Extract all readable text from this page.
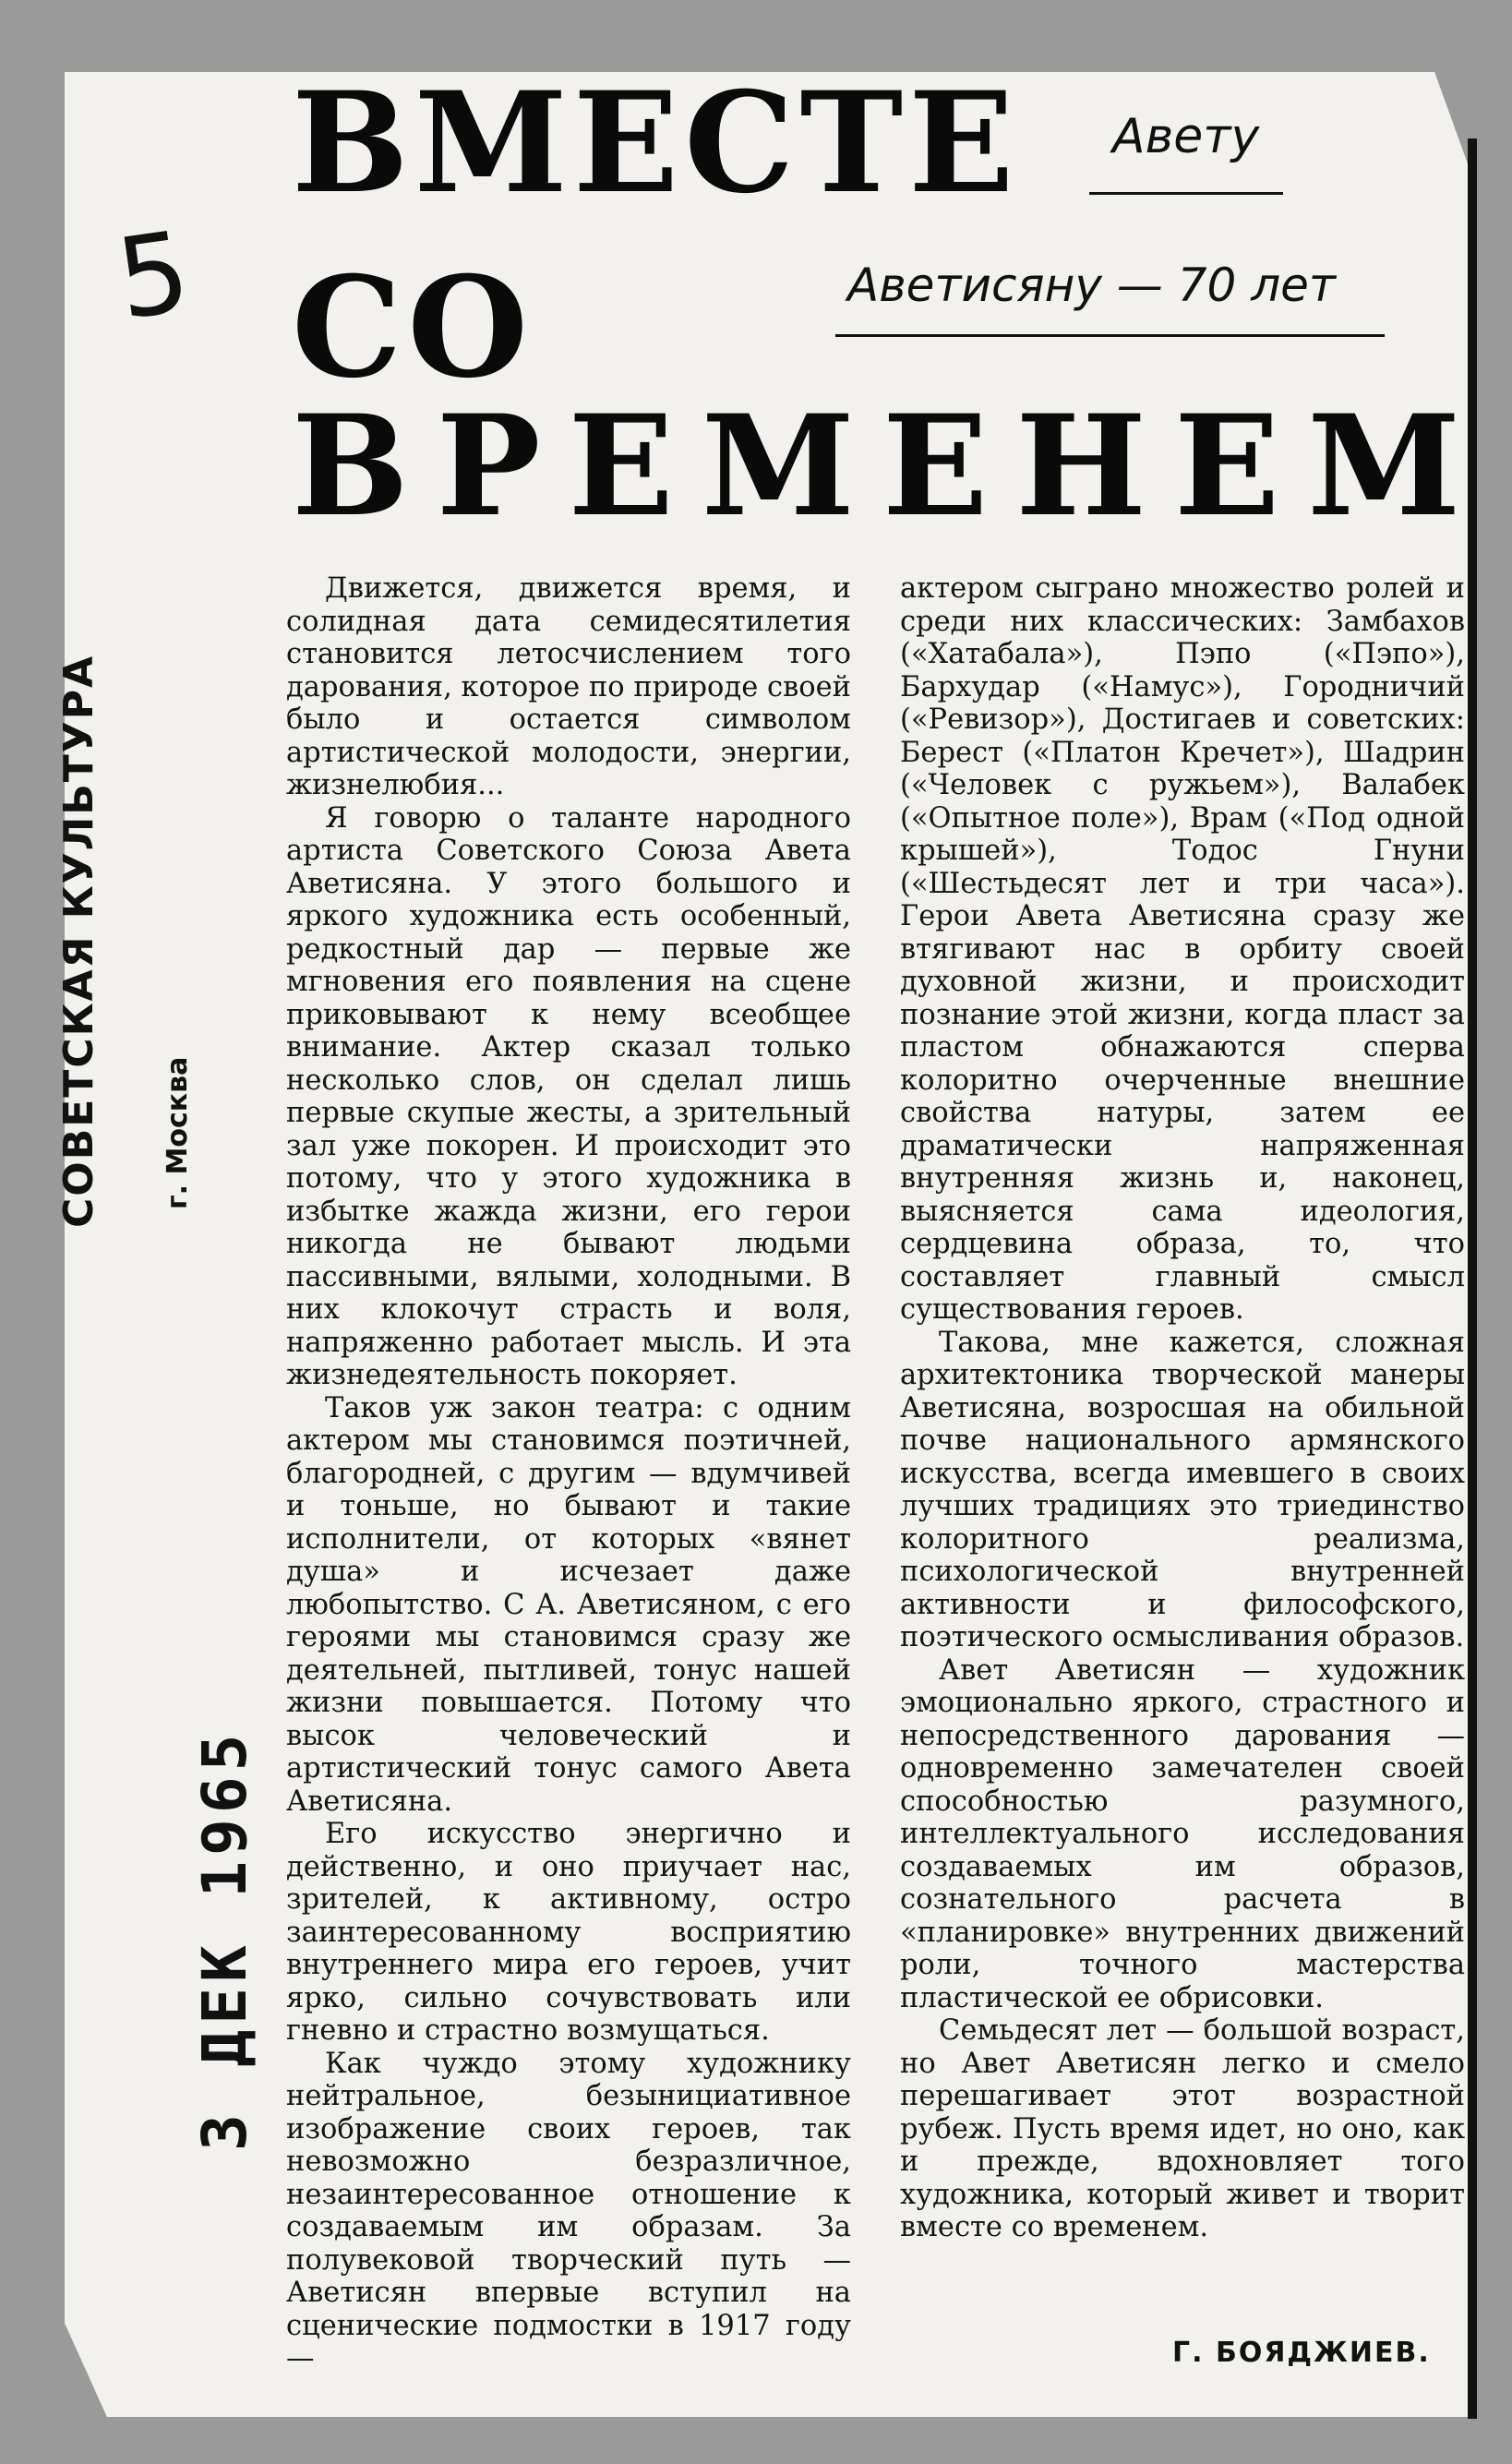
5
ВМЕСТЕ
СО
ВРЕМЕНЕМ
Авету
Аветисяну — 70 лет

Движется, движется время, и солидная дата семидесятилетия становится летосчислением того дарования, которое по природе своей было и остается символом артистической молодости, энергии, жизнелюбия...

Я говорю о таланте народного артиста Советского Союза Авета Аветисяна. У этого большого и яркого художника есть особенный, редкостный дар — первые же мгновения его появления на сцене приковывают к нему всеобщее внимание. Актер сказал только несколько слов, он сделал лишь первые скупые жесты, а зрительный зал уже покорен. И происходит это потому, что у этого художника в избытке жажда жизни, его герои никогда не бывают людьми пассивными, вялыми, холодными. В них клокочут страсть и воля, напряженно работает мысль. И эта жизнедеятельность покоряет.

Таков уж закон театра: с одним актером мы становимся поэтичней, благородней, с другим — вдумчивей и тоньше, но бывают и такие исполнители, от которых «вянет душа» и исчезает даже любопытство. С А. Аветисяном, с его героями мы становимся сразу же деятельней, пытливей, тонус нашей жизни повышается. Потому что высок человеческий и артистический тонус самого Авета Аветисяна.

Его искусство энергично и действенно, и оно приучает нас, зрителей, к активному, остро заинтересованному восприятию внутреннего мира его героев, учит ярко, сильно сочувствовать или гневно и страстно возмущаться.

Как чуждо этому художнику нейтральное, безынициативное изображение своих героев, так невозможно безразличное, незаинтересованное отношение к создаваемым им образам. За полувековой творческий путь — Аветисян впервые вступил на сценические подмостки в 1917 году —

актером сыграно множество ролей и среди них классических: Замбахов («Хатабала»), Пэпо («Пэпо»), Бархудар («Намус»), Городничий («Ревизор»), Достигаев и советских: Берест («Платон Кречет»), Шадрин («Человек с ружьем»), Валабек («Опытное поле»), Врам («Под одной крышей»), Тодос Гнуни («Шестьдесят лет и три часа»). Герои Авета Аветисяна сразу же втягивают нас в орбиту своей духовной жизни, и происходит познание этой жизни, когда пласт за пластом обнажаются сперва колоритно очерченные внешние свойства натуры, затем ее драматически напряженная внутренняя жизнь и, наконец, выясняется сама идеология, сердцевина образа, то, что составляет главный смысл существования героев.

Такова, мне кажется, сложная архитектоника творческой манеры Аветисяна, возросшая на обильной почве национального армянского искусства, всегда имевшего в своих лучших традициях это триединство колоритного реализма, психологической внутренней активности и философского, поэтического осмысливания образов.

Авет Аветисян — художник эмоционально яркого, страстного и непосредственного дарования — одновременно замечателен своей способностью разумного, интеллектуального исследования создаваемых им образов, сознательного расчета в «планировке» внутренних движений роли, точного мастерства пластической ее обрисовки.

Семьдесят лет — большой возраст, но Авет Аветисян легко и смело перешагивает этот возрастной рубеж. Пусть время идет, но оно, как и прежде, вдохновляет того художника, который живет и творит вместе со временем.

Г. БОЯДЖИЕВ.
СОВЕТСКАЯ КУЛЬТУРА г. Москва
3 ДЕК 1965
